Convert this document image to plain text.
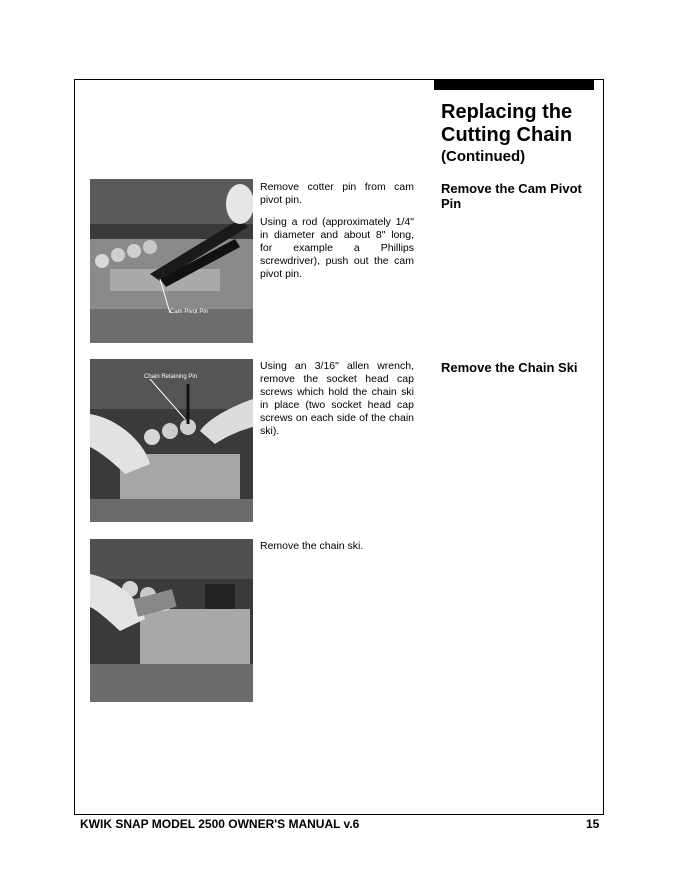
Replacing the Cutting Chain
(Continued)
Cam Pivot Pin

Remove cotter pin from cam pivot pin.

Using a rod (approximately 1/4" in diameter and about 8" long, for example a Phillips screwdriver), push out the cam pivot pin.

Remove the Cam Pivot Pin
Chain Retaining Pin

Using an 3/16" allen wrench, remove the socket head cap screws which hold the chain ski in place (two socket head cap screws on each side of the chain ski).

Remove the Chain Ski

Remove the chain ski.

KWIK SNAP MODEL 2500 OWNER'S MANUAL v.6	15
